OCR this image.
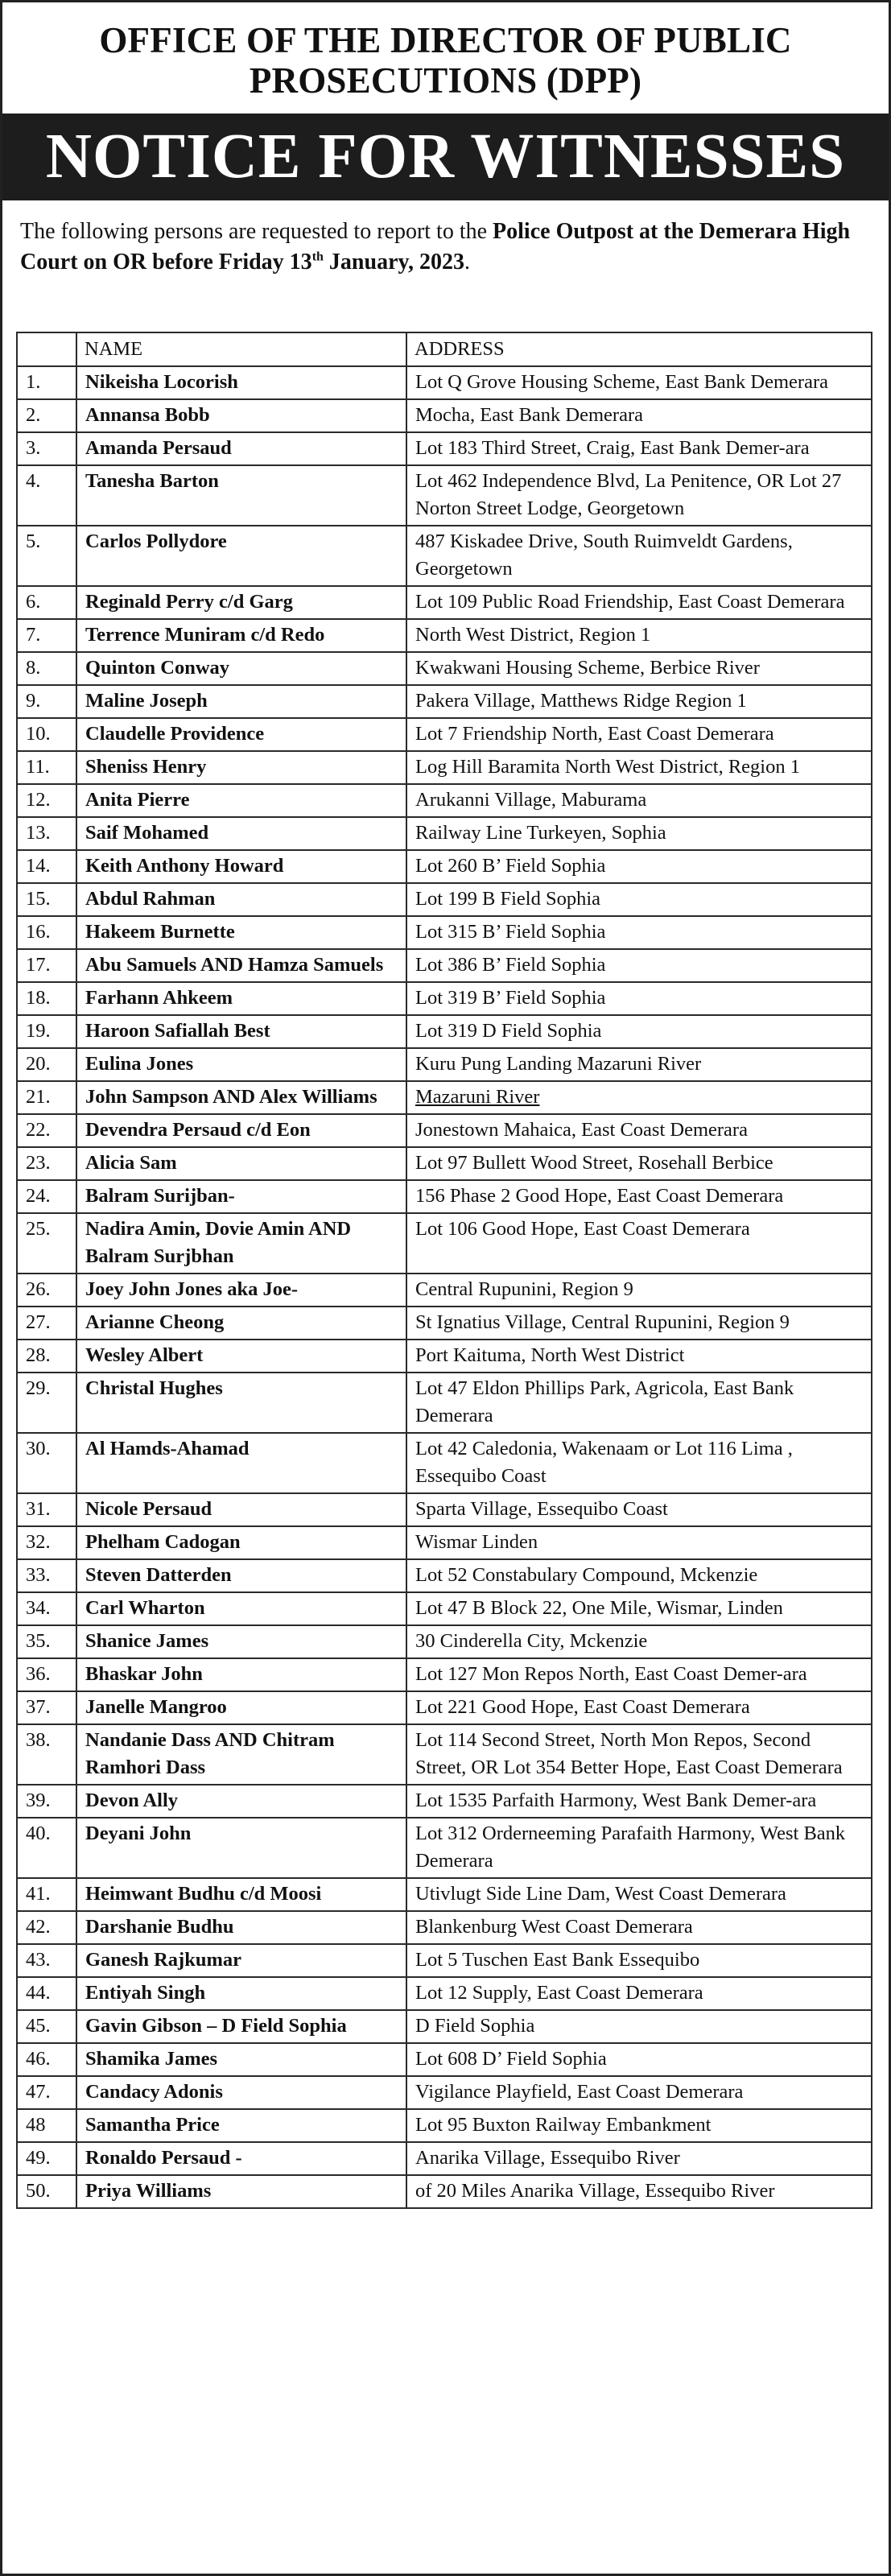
OFFICE OF THE DIRECTOR OF PUBLIC
PROSECUTIONS (DPP)
NOTICE FOR WITNESSES
The following persons are requested to report to the Police Outpost at the Demerara High Court on OR before Friday 13th January, 2023.
	NAME	ADDRESS
1.	Nikeisha Locorish	Lot Q Grove Housing Scheme, East Bank Demerara
2.	Annansa Bobb	Mocha, East Bank Demerara
3.	Amanda Persaud	Lot 183 Third Street, Craig, East Bank Demer-ara
4.	Tanesha Barton	Lot 462 Independence Blvd, La Penitence, OR Lot 27 Norton Street Lodge, Georgetown
5.	Carlos Pollydore	487 Kiskadee Drive, South Ruimveldt Gardens, Georgetown
6.	Reginald Perry c/d Garg	Lot 109 Public Road Friendship, East Coast Demerara
7.	Terrence Muniram c/d Redo	North West District, Region 1
8.	Quinton Conway	Kwakwani Housing Scheme, Berbice River
9.	Maline Joseph	Pakera Village, Matthews Ridge Region 1
10.	Claudelle Providence	Lot 7 Friendship North, East Coast Demerara
11.	Sheniss Henry	Log Hill Baramita North West District, Region 1
12.	Anita Pierre	Arukanni Village, Maburama
13.	Saif Mohamed	Railway Line Turkeyen, Sophia
14.	Keith Anthony Howard	Lot 260 B’ Field Sophia
15.	Abdul Rahman	Lot 199 B Field Sophia
16.	Hakeem Burnette	Lot 315 B’ Field Sophia
17.	Abu Samuels AND Hamza Samuels	Lot 386 B’ Field Sophia
18.	Farhann Ahkeem	Lot 319 B’ Field Sophia
19.	Haroon Safiallah Best	Lot 319 D Field Sophia
20.	Eulina Jones	Kuru Pung Landing Mazaruni River
21.	John Sampson AND Alex Williams	Mazaruni River
22.	Devendra Persaud c/d Eon	Jonestown Mahaica, East Coast Demerara
23.	Alicia Sam	Lot 97 Bullett Wood Street, Rosehall Berbice
24.	Balram Surijban-	156 Phase 2 Good Hope, East Coast Demerara
25.	Nadira Amin, Dovie Amin AND Balram Surjbhan	Lot 106 Good Hope, East Coast Demerara
26.	Joey John Jones aka Joe-	Central Rupunini, Region 9
27.	Arianne Cheong	St Ignatius Village, Central Rupunini, Region 9
28.	Wesley Albert	Port Kaituma, North West District
29.	Christal Hughes	Lot 47 Eldon Phillips Park, Agricola, East Bank Demerara
30.	Al Hamds-Ahamad	Lot 42 Caledonia, Wakenaam or Lot 116 Lima , Essequibo Coast
31.	Nicole Persaud	Sparta Village, Essequibo Coast
32.	Phelham Cadogan	Wismar Linden
33.	Steven Datterden	Lot 52 Constabulary Compound, Mckenzie
34.	Carl Wharton	Lot 47 B Block 22, One Mile, Wismar, Linden
35.	Shanice James	30 Cinderella City, Mckenzie
36.	Bhaskar John	Lot 127 Mon Repos North, East Coast Demer-ara
37.	Janelle Mangroo	Lot 221 Good Hope, East Coast Demerara
38.	Nandanie Dass AND Chitram Ramhori Dass	Lot 114 Second Street, North Mon Repos, Second Street, OR Lot 354 Better Hope, East Coast Demerara
39.	Devon Ally	Lot 1535 Parfaith Harmony, West Bank Demer-ara
40.	Deyani John	Lot 312 Orderneeming Parafaith Harmony, West Bank Demerara
41.	Heimwant Budhu c/d Moosi	Utivlugt Side Line Dam, West Coast Demerara
42.	Darshanie Budhu	Blankenburg West Coast Demerara
43.	Ganesh Rajkumar	Lot 5 Tuschen East Bank Essequibo
44.	Entiyah Singh	Lot 12 Supply, East Coast Demerara
45.	Gavin Gibson – D Field Sophia	D Field Sophia
46.	Shamika James	Lot 608 D’ Field Sophia
47.	Candacy Adonis	Vigilance Playfield, East Coast Demerara
48	Samantha Price	Lot 95 Buxton Railway Embankment
49.	Ronaldo Persaud -	Anarika Village, Essequibo River
50.	Priya Williams	of 20 Miles Anarika Village, Essequibo River
